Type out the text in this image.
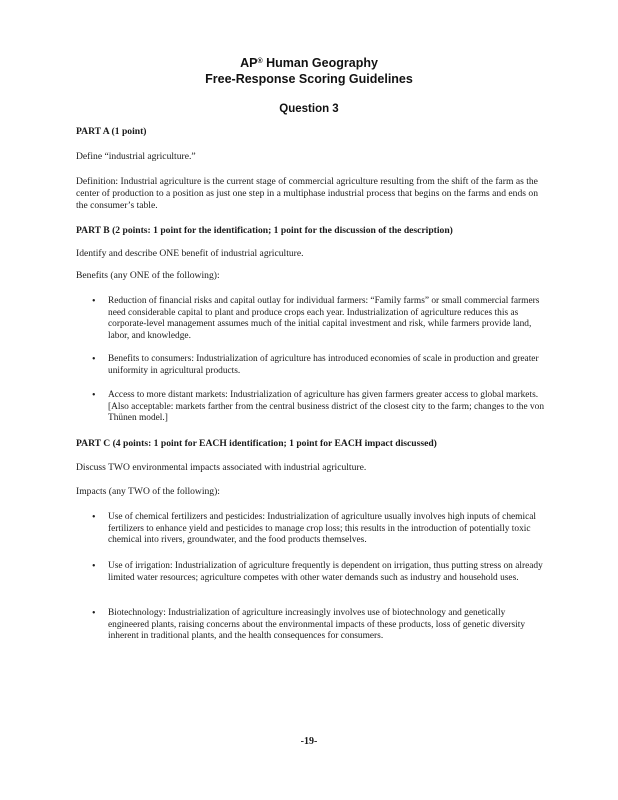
AP® Human Geography
Free-Response Scoring Guidelines
Question 3
PART A (1 point)
Define “industrial agriculture.”
Definition: Industrial agriculture is the current stage of commercial agriculture resulting from the shift of the farm as the center of production to a position as just one step in a multiphase industrial process that begins on the farms and ends on the consumer’s table.
PART B (2 points: 1 point for the identification; 1 point for the discussion of the description)
Identify and describe ONE benefit of industrial agriculture.
Benefits (any ONE of the following):
• Reduction of financial risks and capital outlay for individual farmers: “Family farms” or small commercial farmers need considerable capital to plant and produce crops each year. Industrialization of agriculture reduces this as corporate-level management assumes much of the initial capital investment and risk, while farmers provide land, labor, and knowledge.
• Benefits to consumers: Industrialization of agriculture has introduced economies of scale in production and greater uniformity in agricultural products.
• Access to more distant markets: Industrialization of agriculture has given farmers greater access to global markets. [Also acceptable: markets farther from the central business district of the closest city to the farm; changes to the von Thünen model.]
PART C (4 points: 1 point for EACH identification; 1 point for EACH impact discussed)
Discuss TWO environmental impacts associated with industrial agriculture.
Impacts (any TWO of the following):
• Use of chemical fertilizers and pesticides: Industrialization of agriculture usually involves high inputs of chemical fertilizers to enhance yield and pesticides to manage crop loss; this results in the introduction of potentially toxic chemical into rivers, groundwater, and the food products themselves.
• Use of irrigation: Industrialization of agriculture frequently is dependent on irrigation, thus putting stress on already limited water resources; agriculture competes with other water demands such as industry and household uses.
• Biotechnology: Industrialization of agriculture increasingly involves use of biotechnology and genetically engineered plants, raising concerns about the environmental impacts of these products, loss of genetic diversity inherent in traditional plants, and the health consequences for consumers.
-19-
